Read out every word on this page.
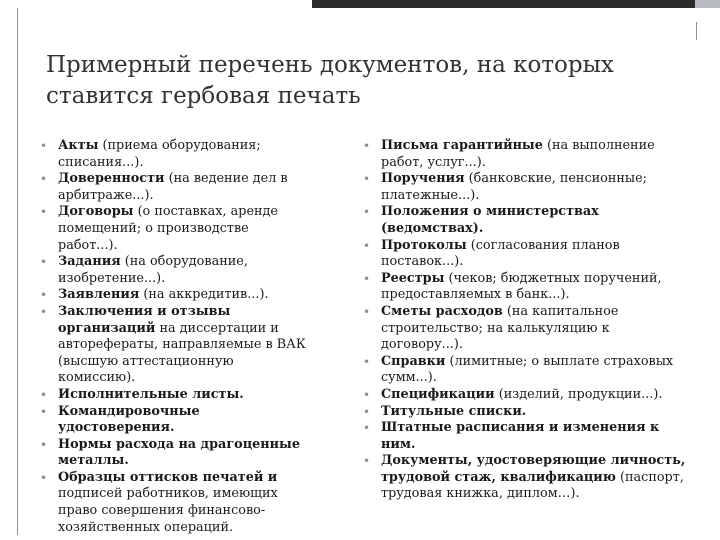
Примерный перечень документов, на которых
ставится гербовая печать
• Акты (приема оборудования; списания...).
• Доверенности (на ведение дел в арбитраже...).
• Договоры (о поставках, аренде помещений; о производстве работ...).
• Задания (на оборудование, изобретение...).
• Заявления (на аккредитив...).
• Заключения и отзывы организаций на диссертации и авторефераты, направляемые в ВАК (высшую аттестационную комиссию).
• Исполнительные листы.
• Командировочные удостоверения.
• Нормы расхода на драгоценные металлы.
• Образцы оттисков печатей и подписей работников, имеющих право совершения финансово-хозяйственных операций.
• Письма гарантийные (на выполнение работ, услуг...).
• Поручения (банковские, пенсионные; платежные...).
• Положения о министерствах (ведомствах).
• Протоколы (согласования планов поставок...).
• Реестры (чеков; бюджетных поручений, предоставляемых в банк...).
• Сметы расходов (на капитальное строительство; на калькуляцию к договору...).
• Справки (лимитные; о выплате страховых сумм...).
• Спецификации (изделий, продукции...).
• Титульные списки.
• Штатные расписания и изменения к ним.
• Документы, удостоверяющие личность, трудовой стаж, квалификацию (паспорт, трудовая книжка, диплом…).
